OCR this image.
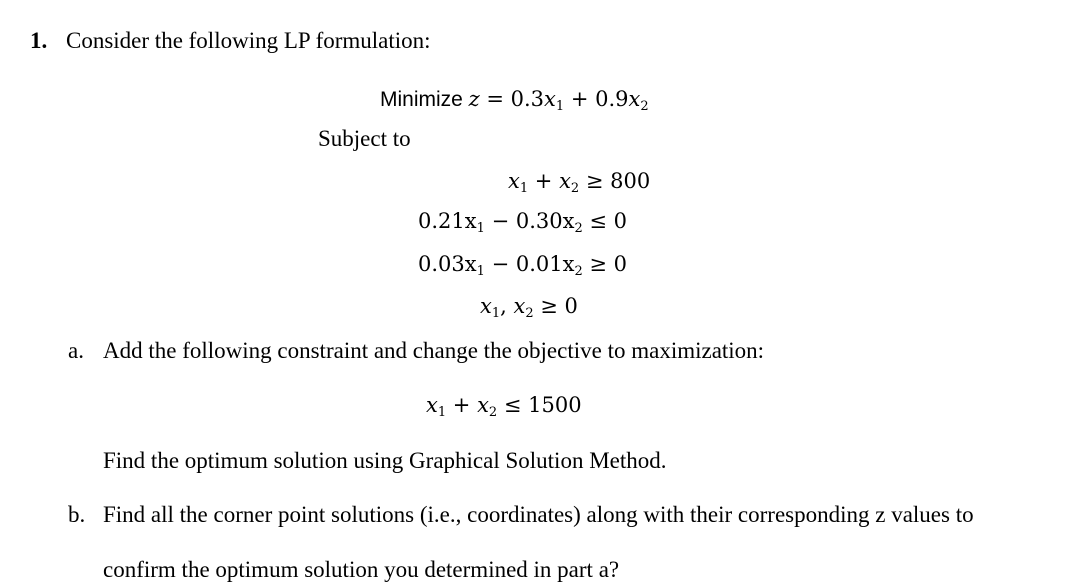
1. Consider the following LP formulation:
Minimize $z = 0.3x_1 + 0.9x_2$
Subject to
$x_1 + x_2 \ge 800$
$0.21x_1 - 0.30x_2 \le 0$
$0.03x_1 - 0.01x_2 \ge 0$
$x_1$, $x_2 \ge 0$
a. Add the following constraint and change the objective to maximization:
$x_1 + x_2 \le 1500$
Find the optimum solution using Graphical Solution Method.
b. Find all the corner point solutions (i.e., coordinates) along with their corresponding z values to
confirm the optimum solution you determined in part a?
